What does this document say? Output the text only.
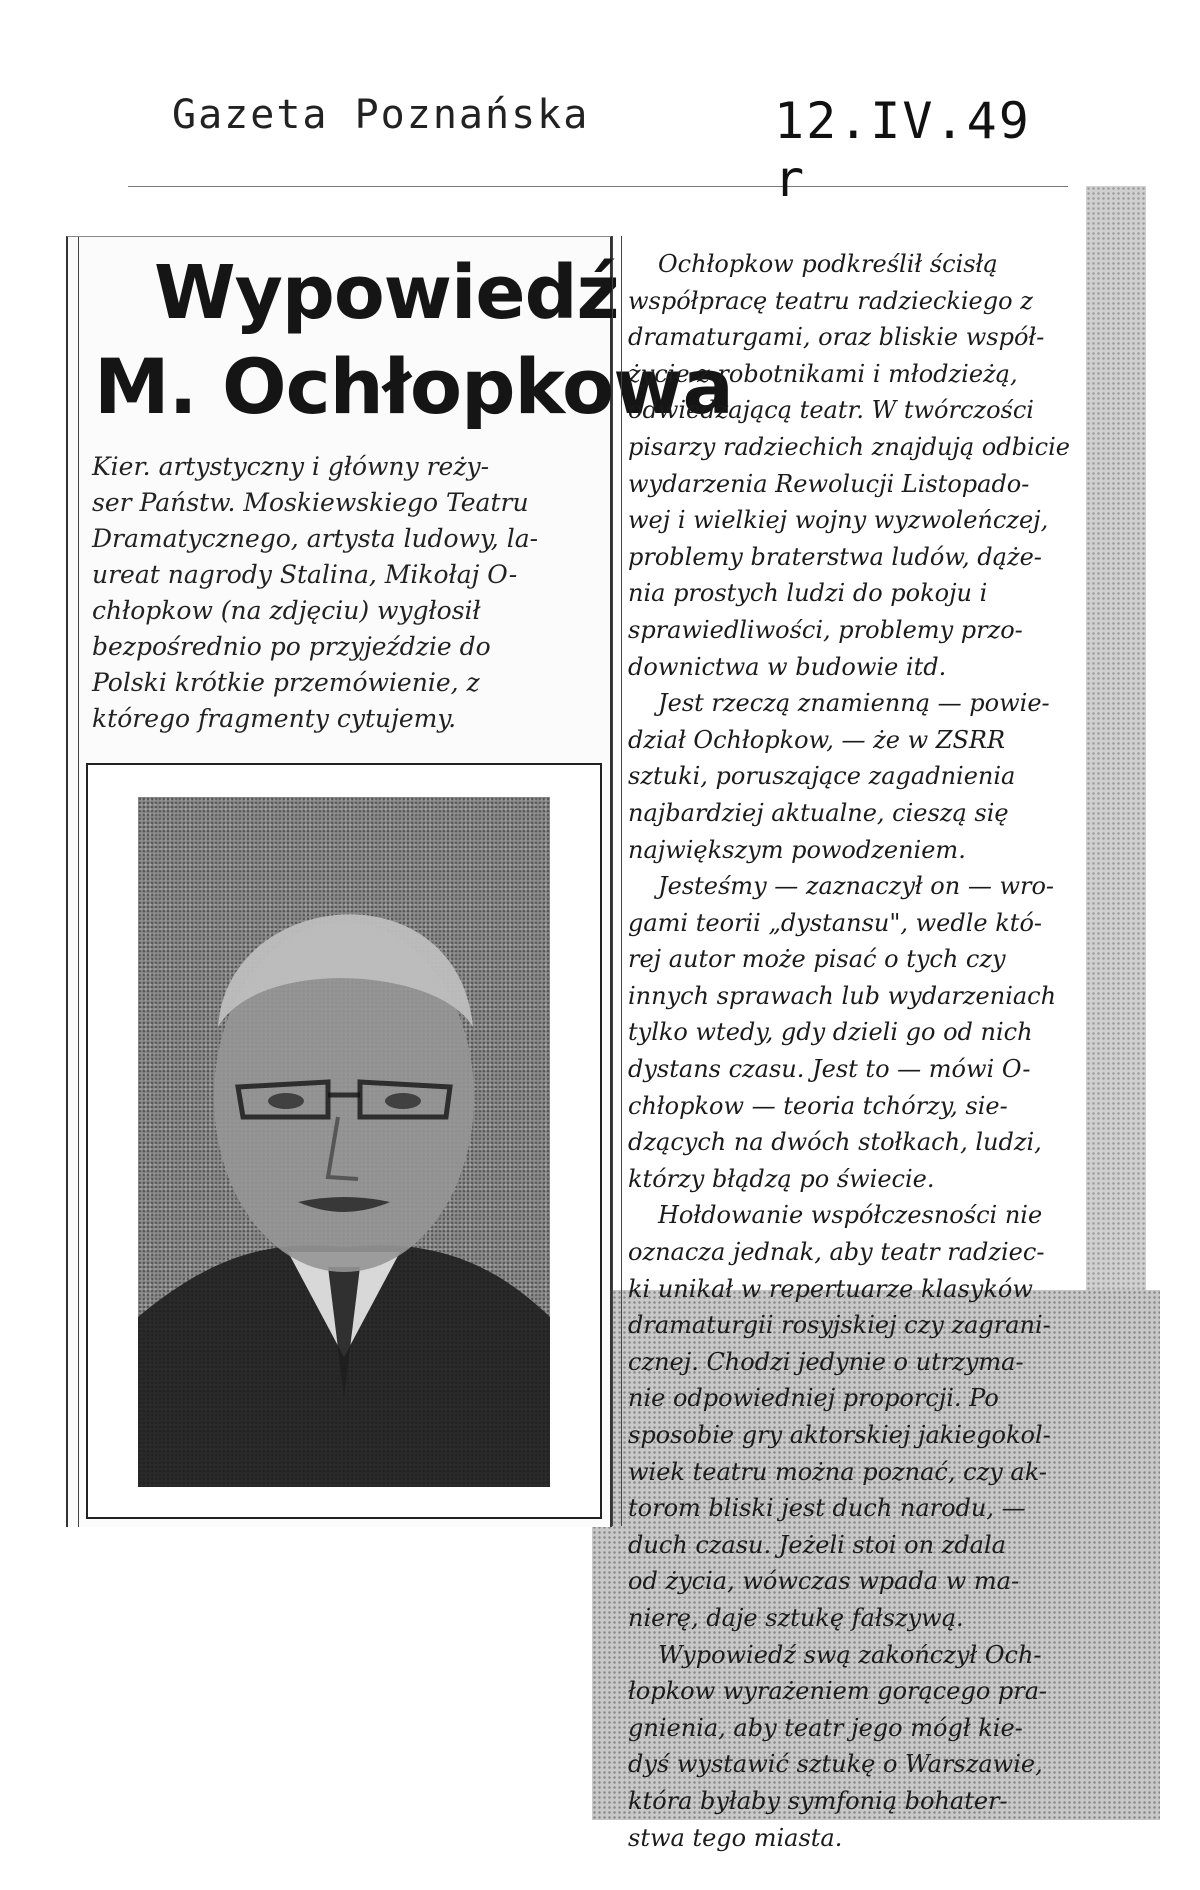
Gazeta Poznańska	12.IV.49 r
Wypowiedź
M. Ochłopkowa
Kier. artystyczny i główny reży-
ser Państw. Moskiewskiego Teatru
Dramatycznego, artysta ludowy, la-
ureat nagrody Stalina, Mikołaj O-
chłopkow (na zdjęciu) wygłosił
bezpośrednio po przyjeździe do
Polski krótkie przemówienie, z
którego fragmenty cytujemy.
Ochłopkow podkreślił ścisłą
współpracę teatru radzieckiego z
dramaturgami, oraz bliskie współ-
życie z robotnikami i młodzieżą,
odwiedzającą teatr. W twórczości
pisarzy radziechich znajdują odbicie
wydarzenia Rewolucji Listopado-
wej i wielkiej wojny wyzwoleńczej,
problemy braterstwa ludów, dąże-
nia prostych ludzi do pokoju i
sprawiedliwości, problemy przo-
downictwa w budowie itd.
Jest rzeczą znamienną — powie-
dział Ochłopkow, — że w ZSRR
sztuki, poruszające zagadnienia
najbardziej aktualne, cieszą się
największym powodzeniem.
Jesteśmy — zaznaczył on — wro-
gami teorii „dystansu", wedle któ-
rej autor może pisać o tych czy
innych sprawach lub wydarzeniach
tylko wtedy, gdy dzieli go od nich
dystans czasu. Jest to — mówi O-
chłopkow — teoria tchórzy, sie-
dzących na dwóch stołkach, ludzi,
którzy błądzą po świecie.
Hołdowanie współczesności nie
oznacza jednak, aby teatr radziec-
ki unikał w repertuarze klasyków
dramaturgii rosyjskiej czy zagrani-
cznej. Chodzi jedynie o utrzyma-
nie odpowiedniej proporcji. Po
sposobie gry aktorskiej jakiegokol-
wiek teatru można poznać, czy ak-
torom bliski jest duch narodu, —
duch czasu. Jeżeli stoi on zdala
od życia, wówczas wpada w ma-
nierę, daje sztukę fałszywą.
Wypowiedź swą zakończył Och-
łopkow wyrażeniem gorącego pra-
gnienia, aby teatr jego mógł kie-
dyś wystawić sztukę o Warszawie,
która byłaby symfonią bohater-
stwa tego miasta.
